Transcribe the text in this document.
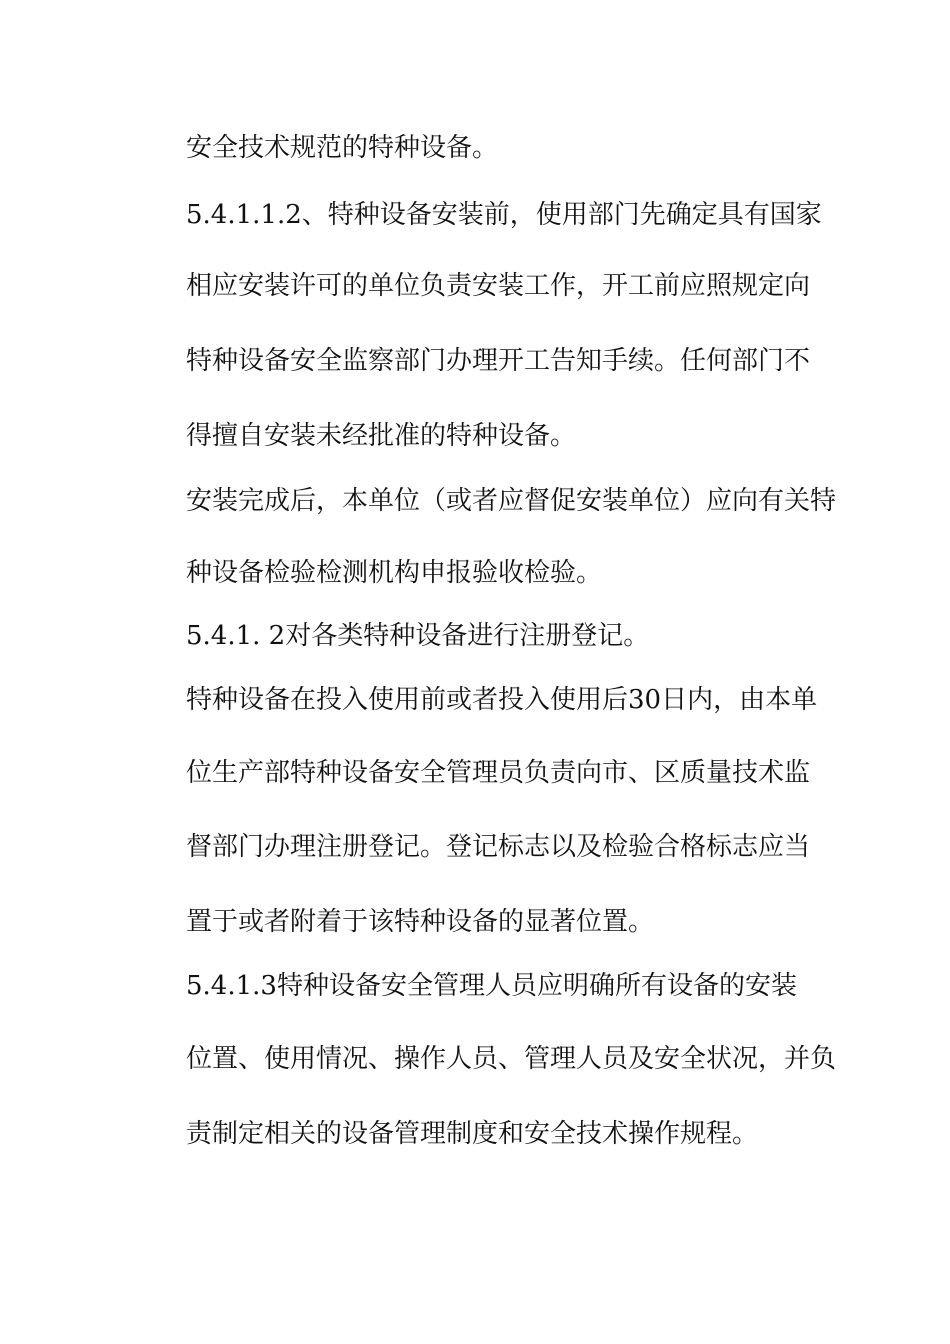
安全技术规范的特种设备。
5.4.1.1.2、特种设备安装前，使用部门先确定具有国家
相应安装许可的单位负责安装工作，开工前应照规定向
特种设备安全监察部门办理开工告知手续。任何部门不
得擅自安装未经批准的特种设备。
安装完成后，本单位（或者应督促安装单位）应向有关特
种设备检验检测机构申报验收检验。
5.4.1. 2对各类特种设备进行注册登记。
特种设备在投入使用前或者投入使用后30日内，由本单
位生产部特种设备安全管理员负责向市、区质量技术监
督部门办理注册登记。登记标志以及检验合格标志应当
置于或者附着于该特种设备的显著位置。
5.4.1.3特种设备安全管理人员应明确所有设备的安装
位置、使用情况、操作人员、管理人员及安全状况，并负
责制定相关的设备管理制度和安全技术操作规程。
